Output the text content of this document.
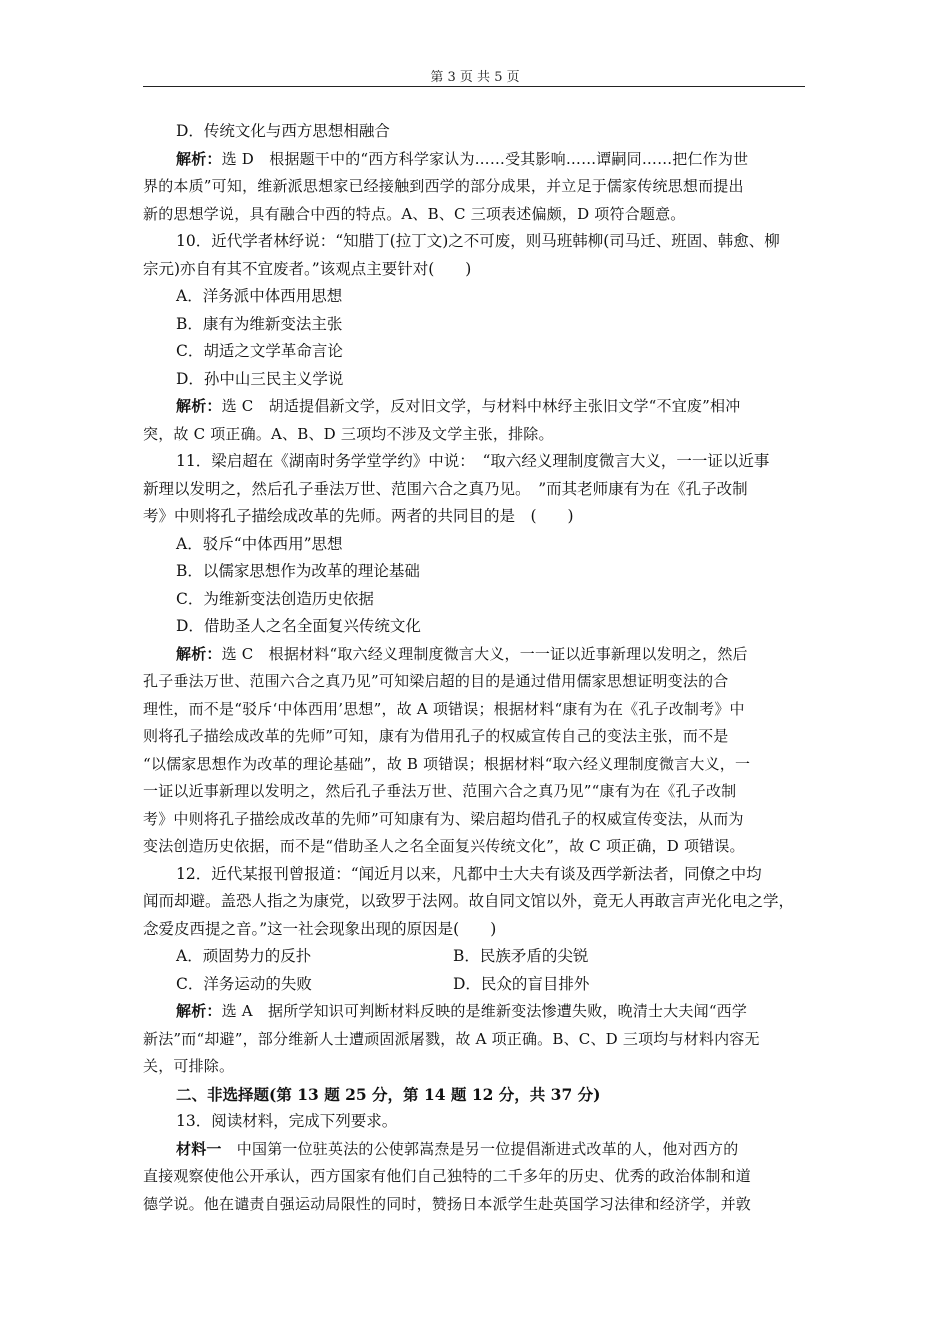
第 3 页 共 5 页

D．传统文化与西方思想相融合

解析：选 D　根据题干中的“西方科学家认为……受其影响……谭嗣同……把仁作为世

界的本质”可知，维新派思想家已经接触到西学的部分成果，并立足于儒家传统思想而提出

新的思想学说，具有融合中西的特点。A、B、C 三项表述偏颇，D 项符合题意。

10．近代学者林纾说：“知腊丁(拉丁文)之不可废，则马班韩柳(司马迁、班固、韩愈、柳

宗元)亦自有其不宜废者。”该观点主要针对(　　)

A．洋务派中体西用思想

B．康有为维新变法主张

C．胡适之文学革命言论

D．孙中山三民主义学说

解析：选 C　胡适提倡新文学，反对旧文学，与材料中林纾主张旧文学“不宜废”相冲

突，故 C 项正确。A、B、D 三项均不涉及文学主张，排除。

11．梁启超在《湖南时务学堂学约》中说：　“取六经义理制度微言大义，一一证以近事

新理以发明之，然后孔子垂法万世、范围六合之真乃见。　”而其老师康有为在《孔子改制

考》中则将孔子描绘成改革的先师。两者的共同目的是　(　　)

A．驳斥“中体西用”思想

B．以儒家思想作为改革的理论基础

C．为维新变法创造历史依据

D．借助圣人之名全面复兴传统文化

解析：选 C　根据材料“取六经义理制度微言大义，一一证以近事新理以发明之，然后

孔子垂法万世、范围六合之真乃见”可知梁启超的目的是通过借用儒家思想证明变法的合

理性，而不是“驳斥‘中体西用’思想”，故 A 项错误；根据材料“康有为在《孔子改制考》中

则将孔子描绘成改革的先师”可知，康有为借用孔子的权威宣传自己的变法主张，而不是

“以儒家思想作为改革的理论基础”，故 B 项错误；根据材料“取六经义理制度微言大义，一

一证以近事新理以发明之，然后孔子垂法万世、范围六合之真乃见”“康有为在《孔子改制

考》中则将孔子描绘成改革的先师”可知康有为、梁启超均借孔子的权威宣传变法，从而为

变法创造历史依据，而不是“借助圣人之名全面复兴传统文化”，故 C 项正确，D 项错误。

12．近代某报刊曾报道：“闻近月以来，凡都中士大夫有谈及西学新法者，同僚之中均

闻而却避。盖恐人指之为康党，以致罗于法网。故自同文馆以外，竟无人再敢言声光化电之学，

念爱皮西提之音。”这一社会现象出现的原因是(　　)

A．顽固势力的反扑	B．民族矛盾的尖锐
C．洋务运动的失败	D．民众的盲目排外

解析：选 A　据所学知识可判断材料反映的是维新变法惨遭失败，晚清士大夫闻“西学

新法”而“却避”，部分维新人士遭顽固派屠戮，故 A 项正确。B、C、D 三项均与材料内容无

关，可排除。

二、非选择题(第 13 题 25 分，第 14 题 12 分，共 37 分)

13．阅读材料，完成下列要求。

材料一　中国第一位驻英法的公使郭嵩焘是另一位提倡渐进式改革的人，他对西方的

直接观察使他公开承认，西方国家有他们自己独特的二千多年的历史、优秀的政治体制和道

德学说。他在谴责自强运动局限性的同时，赞扬日本派学生赴英国学习法律和经济学，并敦
